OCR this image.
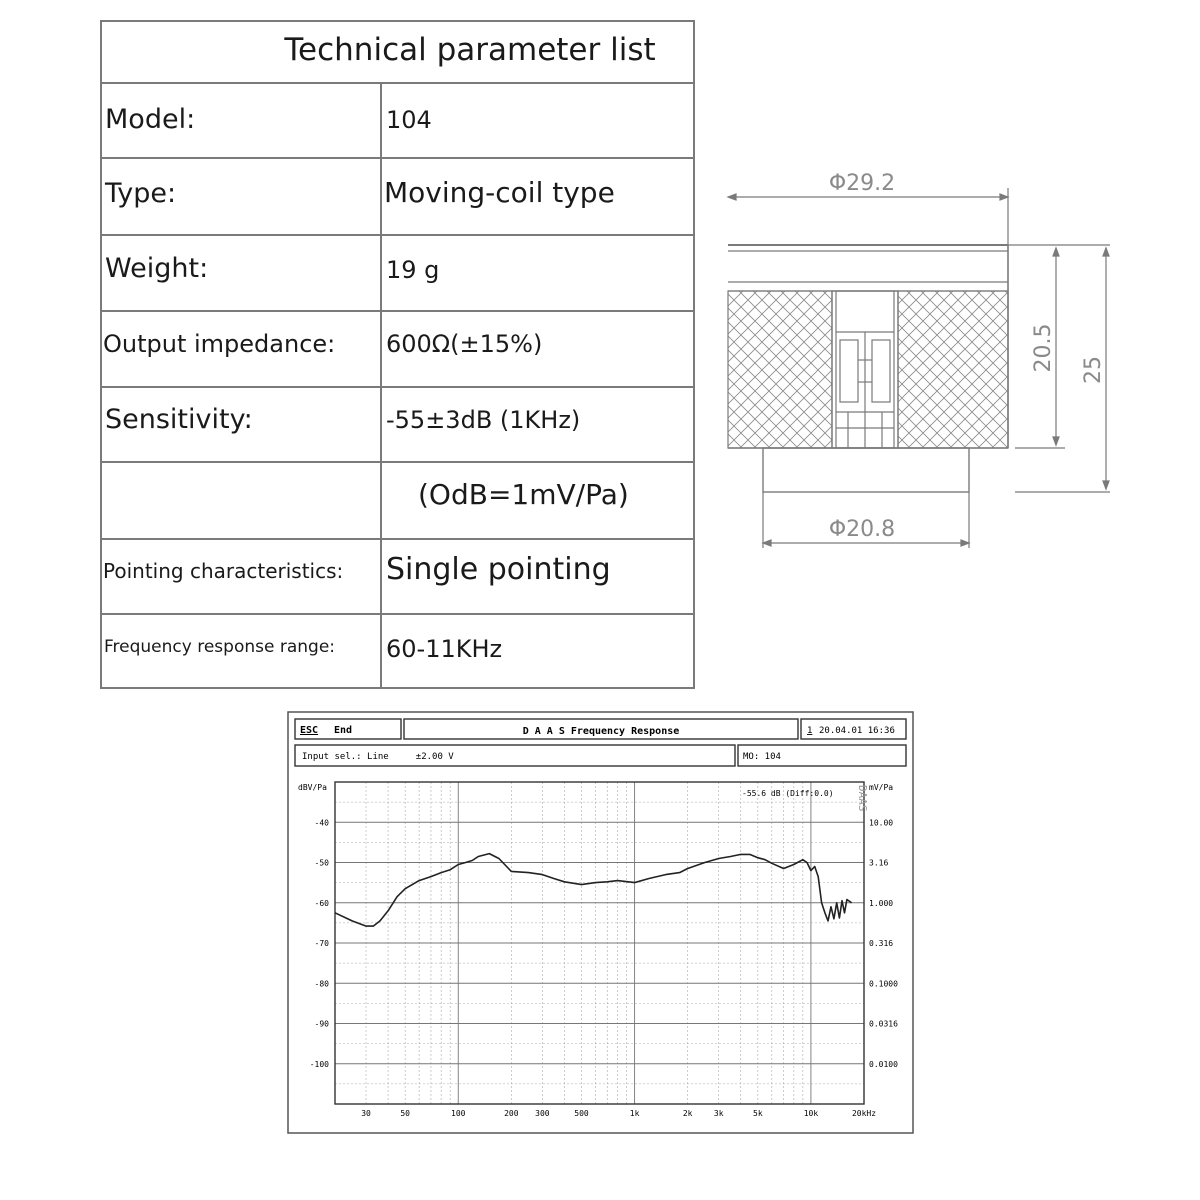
Technical parameter list
Model:	104
Type:	Moving-coil type
Weight:	19 g
Output impedance: 600Ω(±15%)
Sensitivity:	-55±3dB (1KHz)
(OdB=1mV/Pa)
Pointing characteristics: Single pointing
Frequency response range: 60-11KHz
Φ29.2
Φ20.8
20.5 25
ESC End	D A A S Frequency Response	1 20.04.01 16:36
Input sel.: Line     ±2.00 V	MO: 104
dBV/Pa	mV/Pa
30	50	100	200 300	500	1k	2k	3k	5k	10k	20kHz
-40
-50
-60
-70
-80
-90
-100
10.00
3.16
1.000
0.316
0.1000
0.0316
0.0100
-55.6 dB (Diff:0.0) DAAS
